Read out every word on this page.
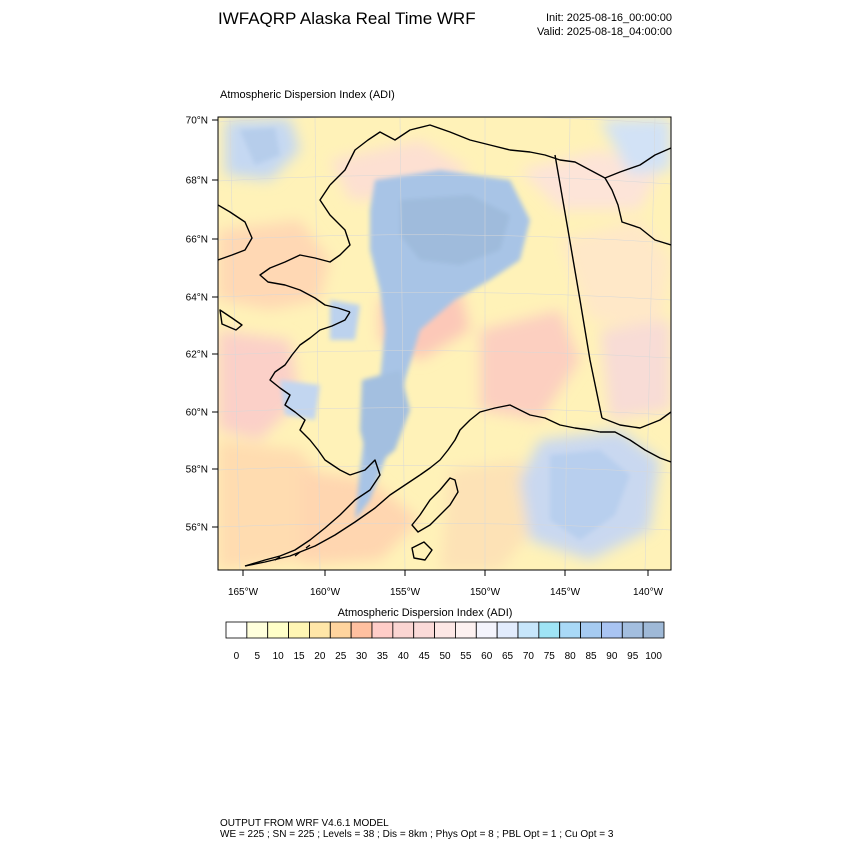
IWFAQRP Alaska Real Time WRF	Init: 2025-08-16_00:00:00
Valid: 2025-08-18_04:00:00
Atmospheric Dispersion Index (ADI)
70°N
68°N
66°N
64°N
62°N
60°N
58°N
56°N
165°W	160°W	155°W	150°W	145°W	140°W
0 5 10 15 20 25 30 35 40 45 50 55 60 65 70 75 80 85 90 95 100
Atmospheric Dispersion Index (ADI)
OUTPUT FROM WRF V4.6.1 MODEL
WE = 225 ; SN = 225 ; Levels = 38 ; Dis = 8km ; Phys Opt = 8 ; PBL Opt = 1 ; Cu Opt = 3
